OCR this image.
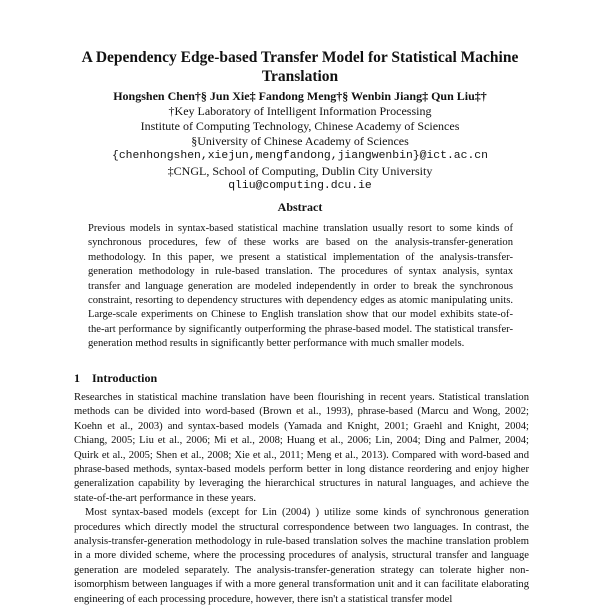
A Dependency Edge-based Transfer Model for Statistical Machine Translation
Hongshen Chen†§ Jun Xie‡ Fandong Meng†§ Wenbin Jiang‡ Qun Liu‡†
†Key Laboratory of Intelligent Information Processing
Institute of Computing Technology, Chinese Academy of Sciences
§University of Chinese Academy of Sciences
{chenhongshen,xiejun,mengfandong,jiangwenbin}@ict.ac.cn
‡CNGL, School of Computing, Dublin City University
qliu@computing.dcu.ie
Abstract
Previous models in syntax-based statistical machine translation usually resort to some kinds of synchronous procedures, few of these works are based on the analysis-transfer-generation methodology. In this paper, we present a statistical implementation of the analysis-transfer-generation methodology in rule-based translation. The procedures of syntax analysis, syntax transfer and language generation are modeled independently in order to break the synchronous constraint, resorting to dependency structures with dependency edges as atomic manipulating units. Large-scale experiments on Chinese to English translation show that our model exhibits state-of-the-art performance by significantly outperforming the phrase-based model. The statistical transfer-generation method results in significantly better performance with much smaller models.
1 Introduction

Researches in statistical machine translation have been flourishing in recent years. Statistical translation methods can be divided into word-based (Brown et al., 1993), phrase-based (Marcu and Wong, 2002; Koehn et al., 2003) and syntax-based models (Yamada and Knight, 2001; Graehl and Knight, 2004; Chiang, 2005; Liu et al., 2006; Mi et al., 2008; Huang et al., 2006; Lin, 2004; Ding and Palmer, 2004; Quirk et al., 2005; Shen et al., 2008; Xie et al., 2011; Meng et al., 2013). Compared with word-based and phrase-based methods, syntax-based models perform better in long distance reordering and enjoy higher generalization capability by leveraging the hierarchical structures in natural languages, and achieve the state-of-the-art performance in these years.

Most syntax-based models (except for Lin (2004) ) utilize some kinds of synchronous generation procedures which directly model the structural correspondence between two languages. In contrast, the analysis-transfer-generation methodology in rule-based translation solves the machine translation problem in a more divided scheme, where the processing procedures of analysis, structural transfer and language generation are modeled separately. The analysis-transfer-generation strategy can tolerate higher non-isomorphism between languages if with a more general transformation unit and it can facilitate elaborating engineering of each processing procedure, however, there isn't a statistical transfer model
